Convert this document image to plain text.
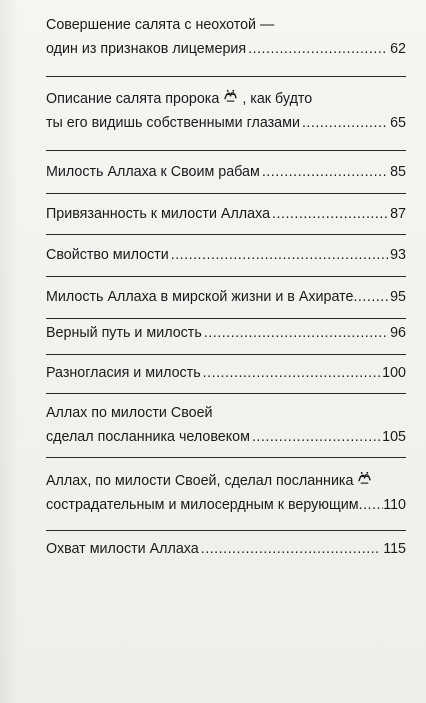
Совершение салята с неохотой —
один из признаков лицемерия .....	62
Описание салята пророка , как будто
ты его видишь собственными глазами .....	65
Милость Аллаха к Своим рабам .....	85
Привязанность к милости Аллаха .....	87
Свойство милости .....	93
Милость Аллаха в мирской жизни и в Ахирате .....	95
Верный путь и милость .....	96
Разногласия и милость .....	100
Аллах по милости Своей
сделал посланника человеком .....	105
Аллах, по милости Своей, сделал посланника
сострадательным и милосердным к верующим ..... 110
Охват милости Аллаха .....	115
